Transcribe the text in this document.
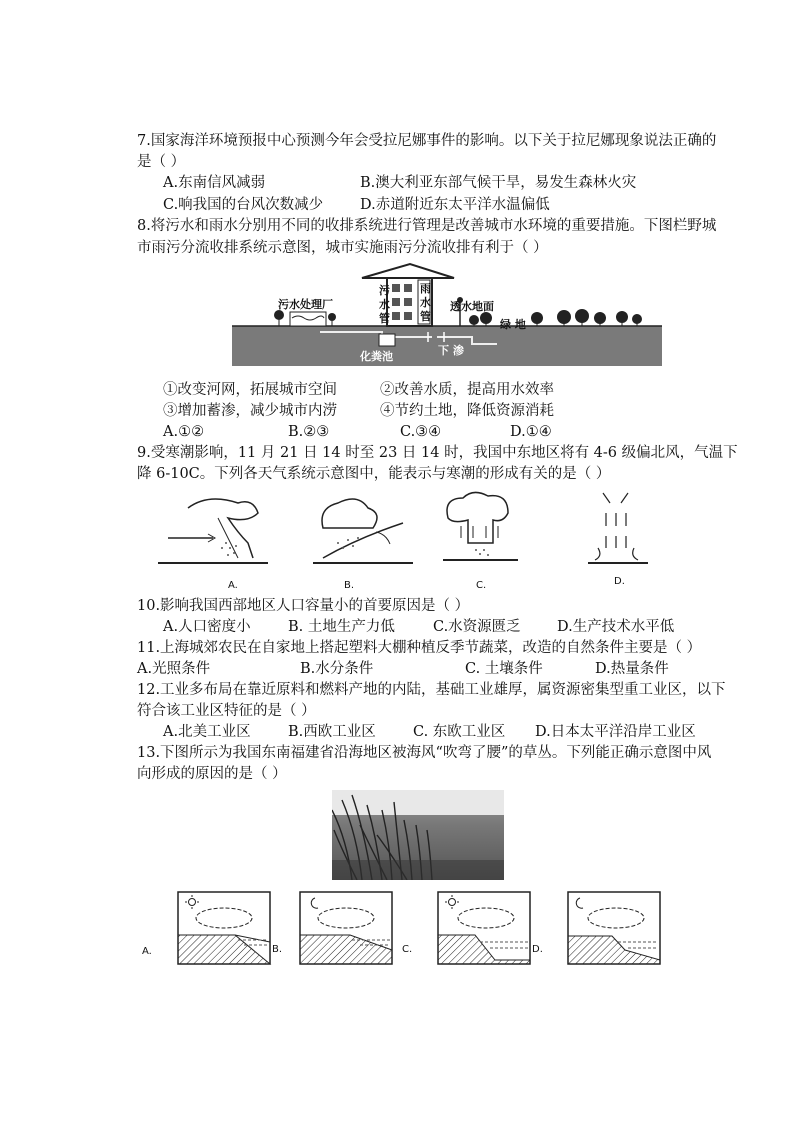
7.国家海洋环境预报中心预测今年会受拉尼娜事件的影响。以下关于拉尼娜现象说法正确的
是（ ）
A.东南信风减弱	B.澳大利亚东部气候干旱，易发生森林火灾
C.响我国的台风次数减少	D.赤道附近东太平洋水温偏低
8.将污水和雨水分别用不同的收排系统进行管理是改善城市水环境的重要措施。下图栏野城
市雨污分流收排系统示意图，城市实施雨污分流收排有利于（ ）
污水处理厂
污
水
管
雨
水
管
透水地面
绿 地
化粪池	下 渗
①改变河网，拓展城市空间	②改善水质，提高用水效率
③增加蓄渗，减少城市内涝	④节约土地，降低资源消耗
A.①②	B.②③	C.③④	D.①④
9.受寒潮影响，11 月 21 日 14 时至 23 日 14 时，我国中东地区将有 4-6 级偏北风，气温下
降 6-10C。下列各天气系统示意图中，能表示与寒潮的形成有关的是（ ）
A.	B.	C.	D.
10.影响我国西部地区人口容量小的首要原因是（ ）
A.人口密度小	B. 土地生产力低	C.水资源匮乏	D.生产技术水平低
11.上海城郊农民在自家地上搭起塑料大棚种植反季节蔬菜，改造的自然条件主要是（ ）
A.光照条件	B.水分条件	C. 土壤条件	D.热量条件
12.工业多布局在靠近原料和燃料产地的内陆，基础工业雄厚，属资源密集型重工业区，以下
符合该工业区特征的是（ ）
A.北美工业区	B.西欧工业区	C. 东欧工业区 D.日本太平洋沿岸工业区
13.下图所示为我国东南福建省沿海地区被海风“吹弯了腰”的草丛。下列能正确示意图中风
向形成的原因的是（ ）
A.	B.	C.	D.
